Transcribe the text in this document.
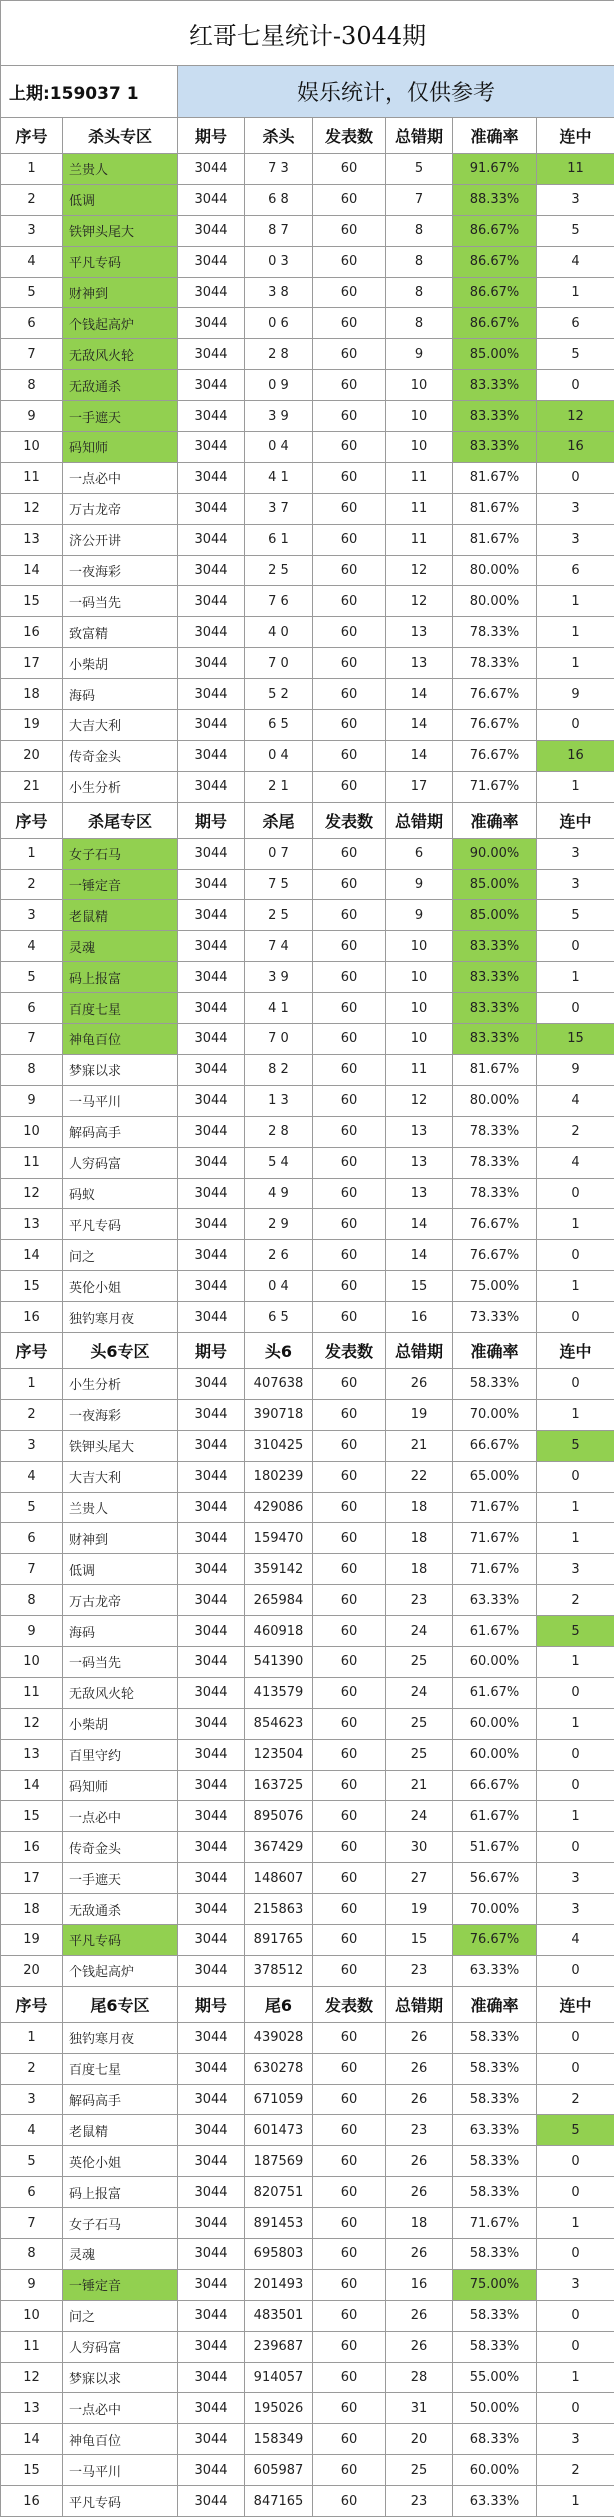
红哥七星统计-3044期							
上期:159037 1		娱乐统计，仅供参考					
序号	杀头专区	期号	杀头	发表数	总错期	准确率	连中
1	兰贵人	3044	7 3	60	5	91.67%	11
2	低调	3044	6 8	60	7	88.33%	3
3	铁钾头尾大	3044	8 7	60	8	86.67%	5
4	平凡专码	3044	0 3	60	8	86.67%	4
5	财神到	3044	3 8	60	8	86.67%	1
6	个钱起高炉	3044	0 6	60	8	86.67%	6
7	无敌风火轮	3044	2 8	60	9	85.00%	5
8	无敌通杀	3044	0 9	60	10	83.33%	0
9	一手遮天	3044	3 9	60	10	83.33%	12
10	码知师	3044	0 4	60	10	83.33%	16
11	一点必中	3044	4 1	60	11	81.67%	0
12	万古龙帝	3044	3 7	60	11	81.67%	3
13	济公开讲	3044	6 1	60	11	81.67%	3
14	一夜海彩	3044	2 5	60	12	80.00%	6
15	一码当先	3044	7 6	60	12	80.00%	1
16	致富精	3044	4 0	60	13	78.33%	1
17	小柴胡	3044	7 0	60	13	78.33%	1
18	海码	3044	5 2	60	14	76.67%	9
19	大吉大利	3044	6 5	60	14	76.67%	0
20	传奇金头	3044	0 4	60	14	76.67%	16
21	小生分析	3044	2 1	60	17	71.67%	1
序号	杀尾专区	期号	杀尾	发表数	总错期	准确率	连中
1	女子石马	3044	0 7	60	6	90.00%	3
2	一锤定音	3044	7 5	60	9	85.00%	3
3	老鼠精	3044	2 5	60	9	85.00%	5
4	灵魂	3044	7 4	60	10	83.33%	0
5	码上报富	3044	3 9	60	10	83.33%	1
6	百度七星	3044	4 1	60	10	83.33%	0
7	神龟百位	3044	7 0	60	10	83.33%	15
8	梦寐以求	3044	8 2	60	11	81.67%	9
9	一马平川	3044	1 3	60	12	80.00%	4
10	解码高手	3044	2 8	60	13	78.33%	2
11	人穷码富	3044	5 4	60	13	78.33%	4
12	码蚁	3044	4 9	60	13	78.33%	0
13	平凡专码	3044	2 9	60	14	76.67%	1
14	问之	3044	2 6	60	14	76.67%	0
15	英伦小姐	3044	0 4	60	15	75.00%	1
16	独钓寒月夜	3044	6 5	60	16	73.33%	0
序号	头6专区	期号	头6	发表数	总错期	准确率	连中
1	小生分析	3044	407638	60	26	58.33%	0
2	一夜海彩	3044	390718	60	19	70.00%	1
3	铁钾头尾大	3044	310425	60	21	66.67%	5
4	大吉大利	3044	180239	60	22	65.00%	0
5	兰贵人	3044	429086	60	18	71.67%	1
6	财神到	3044	159470	60	18	71.67%	1
7	低调	3044	359142	60	18	71.67%	3
8	万古龙帝	3044	265984	60	23	63.33%	2
9	海码	3044	460918	60	24	61.67%	5
10	一码当先	3044	541390	60	25	60.00%	1
11	无敌风火轮	3044	413579	60	24	61.67%	0
12	小柴胡	3044	854623	60	25	60.00%	1
13	百里守约	3044	123504	60	25	60.00%	0
14	码知师	3044	163725	60	21	66.67%	0
15	一点必中	3044	895076	60	24	61.67%	1
16	传奇金头	3044	367429	60	30	51.67%	0
17	一手遮天	3044	148607	60	27	56.67%	3
18	无敌通杀	3044	215863	60	19	70.00%	3
19	平凡专码	3044	891765	60	15	76.67%	4
20	个钱起高炉	3044	378512	60	23	63.33%	0
序号	尾6专区	期号	尾6	发表数	总错期	准确率	连中
1	独钓寒月夜	3044	439028	60	26	58.33%	0
2	百度七星	3044	630278	60	26	58.33%	0
3	解码高手	3044	671059	60	26	58.33%	2
4	老鼠精	3044	601473	60	23	63.33%	5
5	英伦小姐	3044	187569	60	26	58.33%	0
6	码上报富	3044	820751	60	26	58.33%	0
7	女子石马	3044	891453	60	18	71.67%	1
8	灵魂	3044	695803	60	26	58.33%	0
9	一锤定音	3044	201493	60	16	75.00%	3
10	问之	3044	483501	60	26	58.33%	0
11	人穷码富	3044	239687	60	26	58.33%	0
12	梦寐以求	3044	914057	60	28	55.00%	1
13	一点必中	3044	195026	60	31	50.00%	0
14	神龟百位	3044	158349	60	20	68.33%	3
15	一马平川	3044	605987	60	25	60.00%	2
16	平凡专码	3044	847165	60	23	63.33%	1
